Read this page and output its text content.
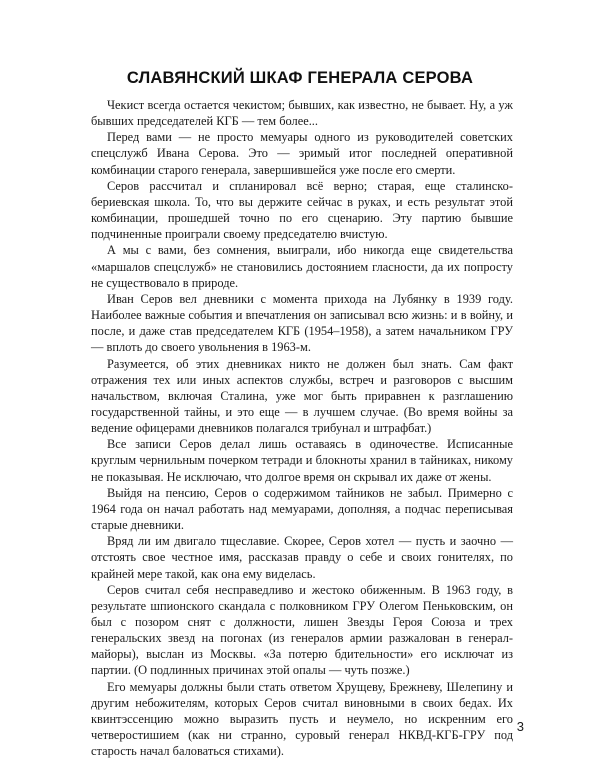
СЛАВЯНСКИЙ ШКАФ ГЕНЕРАЛА СЕРОВА

Чекист всегда остается чекистом; бывших, как известно, не бывает. Ну, а уж бывших председателей КГБ — тем более...

Перед вами — не просто мемуары одного из руководителей советских спецслужб Ивана Серова. Это — эримый итог последней оперативной комбинации старого генерала, завершившейся уже после его смерти.

Серов рассчитал и спланировал всё верно; старая, еще сталинско-бериевская школа. То, что вы держите сейчас в руках, и есть результат этой комбинации, прошедшей точно по его сценарию. Эту партию бывшие подчиненные проиграли своему председателю вчистую.

А мы с вами, без сомнения, выиграли, ибо никогда еще свидетельства «маршалов спецслужб» не становились достоянием гласности, да их попросту не существовало в природе.

Иван Серов вел дневники с момента прихода на Лубянку в 1939 году. Наиболее важные события и впечатления он записывал всю жизнь: и в войну, и после, и даже став председателем КГБ (1954–1958), а затем начальником ГРУ — вплоть до своего увольнения в 1963-м.

Разумеется, об этих дневниках никто не должен был знать. Сам факт отражения тех или иных аспектов службы, встреч и разговоров с высшим начальством, включая Сталина, уже мог быть приравнен к разглашению государственной тайны, и это еще — в лучшем случае. (Во время войны за ведение офицерами дневников полагался трибунал и штрафбат.)

Все записи Серов делал лишь оставаясь в одиночестве. Исписанные круглым чернильным почерком тетради и блокноты хранил в тайниках, никому не показывая. Не исключаю, что долгое время он скрывал их даже от жены.

Выйдя на пенсию, Серов о содержимом тайников не забыл. Примерно с 1964 года он начал работать над мемуарами, дополняя, а подчас переписывая старые дневники.

Вряд ли им двигало тщеславие. Скорее, Серов хотел — пусть и заочно — отстоять свое честное имя, рассказав правду о себе и своих гонителях, по крайней мере такой, как она ему виделась.

Серов считал себя несправедливо и жестоко обиженным. В 1963 году, в результате шпионского скандала с полковником ГРУ Олегом Пеньковским, он был с позором снят с должности, лишен Звезды Героя Союза и трех генеральских звезд на погонах (из генералов армии разжалован в генерал-майоры), выслан из Москвы. «За потерю бдительности» его исключат из партии. (О подлинных причинах этой опалы — чуть позже.)

Его мемуары должны были стать ответом Хрущеву, Брежневу, Шелепину и другим небожителям, которых Серов считал виновными в своих бедах. Их квинтэссенцию можно выразить пусть и неумело, но искренним его четверостишием (как ни странно, суровый генерал НКВД-КГБ-ГРУ под старость начал баловаться стихами).

3
